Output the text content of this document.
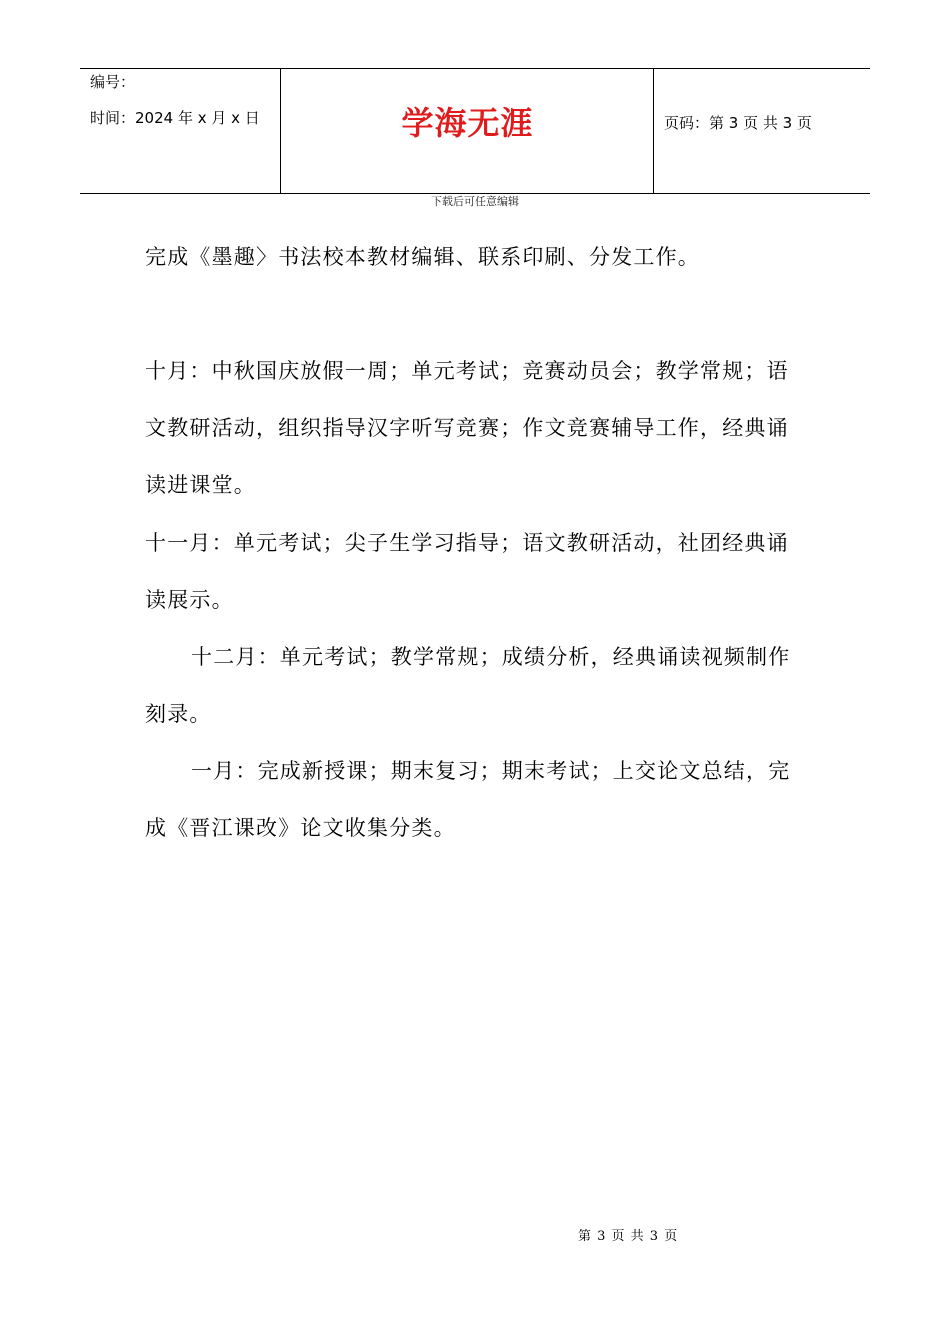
编号：
时间：2024 年 x 月 x 日	学海无涯	页码：第 3 页 共 3 页
下载后可任意编辑

完成《墨趣〉书法校本教材编辑、联系印刷、分发工作。

十月：中秋国庆放假一周；单元考试；竞赛动员会；教学常规；语文教研活动，组织指导汉字听写竞赛；作文竞赛辅导工作，经典诵读进课堂。

十一月：单元考试；尖子生学习指导；语文教研活动，社团经典诵读展示。

十二月：单元考试；教学常规；成绩分析，经典诵读视频制作刻录。

一月：完成新授课；期末复习；期末考试；上交论文总结，完成《晋江课改》论文收集分类。

第 3 页 共 3 页
